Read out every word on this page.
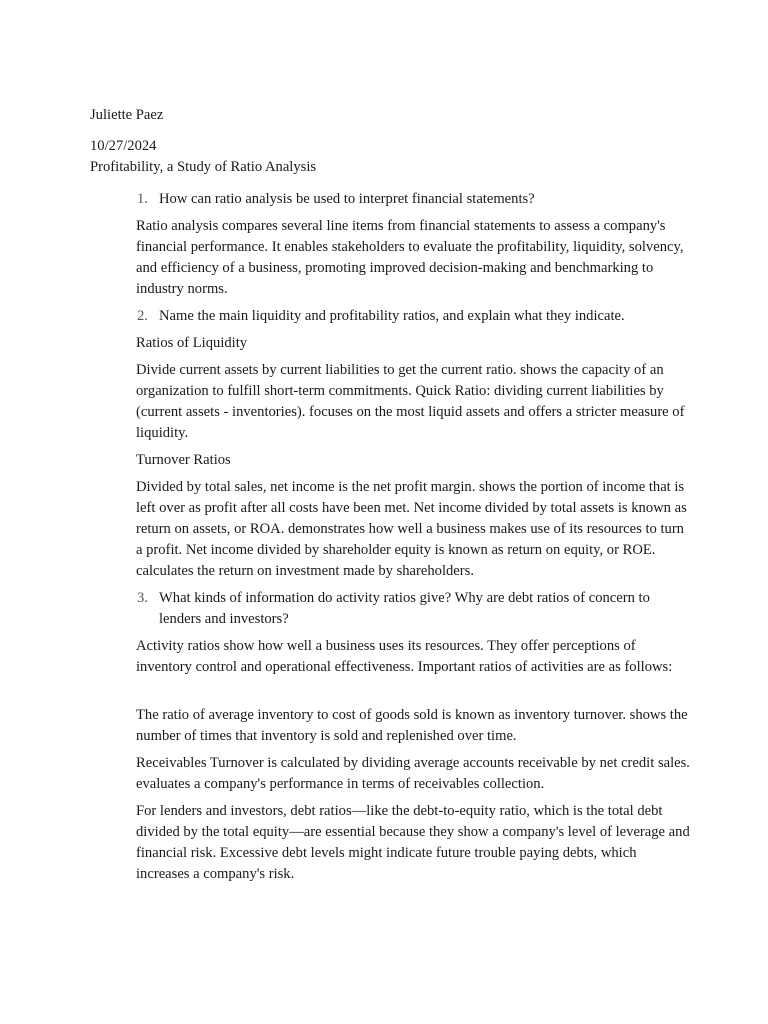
Juliette Paez

10/27/2024

Profitability, a Study of Ratio Analysis
1. How can ratio analysis be used to interpret financial statements?

Ratio analysis compares several line items from financial statements to assess a company's financial performance. It enables stakeholders to evaluate the profitability, liquidity, solvency, and efficiency of a business, promoting improved decision-making and benchmarking to industry norms.

2. Name the main liquidity and profitability ratios, and explain what they indicate.

Ratios of Liquidity

Divide current assets by current liabilities to get the current ratio. shows the capacity of an organization to fulfill short-term commitments. Quick Ratio: dividing current liabilities by (current assets - inventories). focuses on the most liquid assets and offers a stricter measure of liquidity.

Turnover Ratios

Divided by total sales, net income is the net profit margin. shows the portion of income that is left over as profit after all costs have been met. Net income divided by total assets is known as return on assets, or ROA. demonstrates how well a business makes use of its resources to turn a profit. Net income divided by shareholder equity is known as return on equity, or ROE. calculates the return on investment made by shareholders.

3. What kinds of information do activity ratios give? Why are debt ratios of concern to lenders and investors?

Activity ratios show how well a business uses its resources. They offer perceptions of inventory control and operational effectiveness. Important ratios of activities are as follows:

The ratio of average inventory to cost of goods sold is known as inventory turnover. shows the number of times that inventory is sold and replenished over time.

Receivables Turnover is calculated by dividing average accounts receivable by net credit sales. evaluates a company's performance in terms of receivables collection.

For lenders and investors, debt ratios—like the debt-to-equity ratio, which is the total debt divided by the total equity—are essential because they show a company's level of leverage and financial risk. Excessive debt levels might indicate future trouble paying debts, which increases a company's risk.
